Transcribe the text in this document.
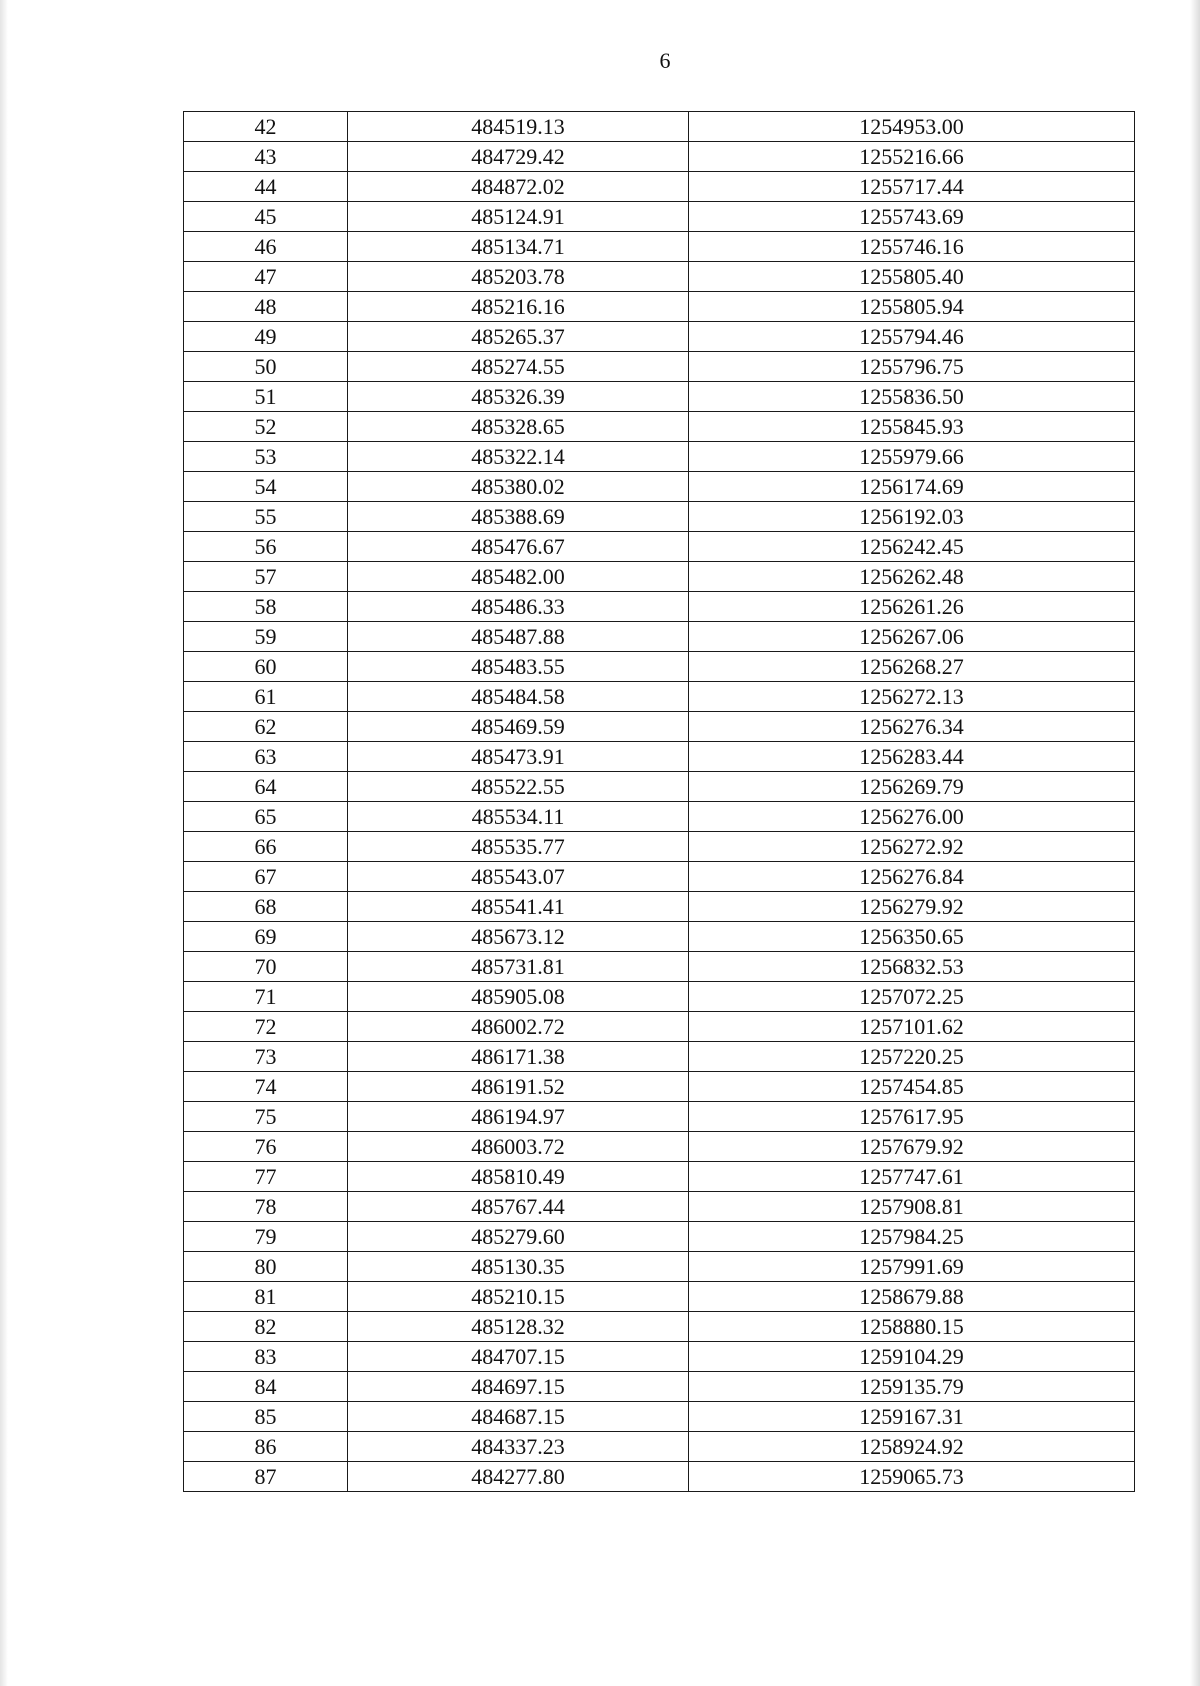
6
42	484519.13	1254953.00
43	484729.42	1255216.66
44	484872.02	1255717.44
45	485124.91	1255743.69
46	485134.71	1255746.16
47	485203.78	1255805.40
48	485216.16	1255805.94
49	485265.37	1255794.46
50	485274.55	1255796.75
51	485326.39	1255836.50
52	485328.65	1255845.93
53	485322.14	1255979.66
54	485380.02	1256174.69
55	485388.69	1256192.03
56	485476.67	1256242.45
57	485482.00	1256262.48
58	485486.33	1256261.26
59	485487.88	1256267.06
60	485483.55	1256268.27
61	485484.58	1256272.13
62	485469.59	1256276.34
63	485473.91	1256283.44
64	485522.55	1256269.79
65	485534.11	1256276.00
66	485535.77	1256272.92
67	485543.07	1256276.84
68	485541.41	1256279.92
69	485673.12	1256350.65
70	485731.81	1256832.53
71	485905.08	1257072.25
72	486002.72	1257101.62
73	486171.38	1257220.25
74	486191.52	1257454.85
75	486194.97	1257617.95
76	486003.72	1257679.92
77	485810.49	1257747.61
78	485767.44	1257908.81
79	485279.60	1257984.25
80	485130.35	1257991.69
81	485210.15	1258679.88
82	485128.32	1258880.15
83	484707.15	1259104.29
84	484697.15	1259135.79
85	484687.15	1259167.31
86	484337.23	1258924.92
87	484277.80	1259065.73
